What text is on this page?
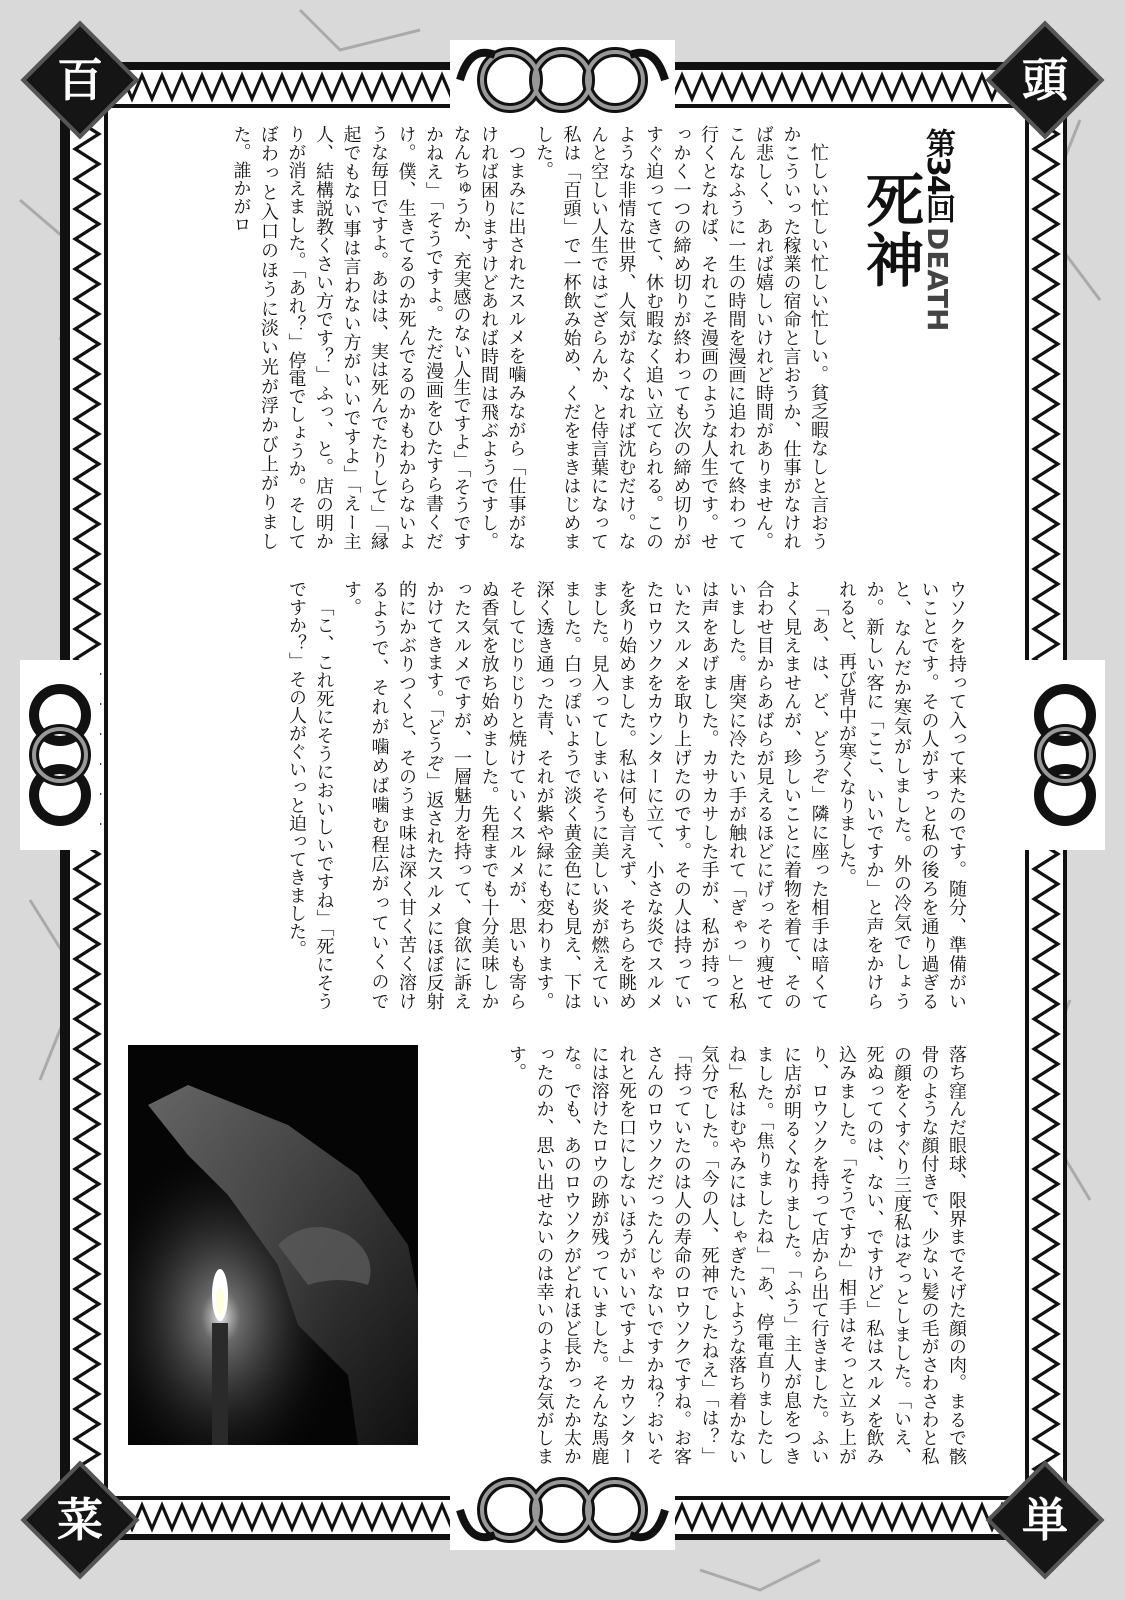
百	頭
菜	単
第34回 DEATH
死神

忙しい忙しい忙しい忙しい。貧乏暇なしと言おうかこういった稼業の宿命と言おうか、仕事がなければ悲しく、あれば嬉しいけれど時間がありません。こんなふうに一生の時間を漫画に追われて終わって行くとなれば、それこそ漫画のような人生です。せっかく一つの締め切りが終わっても次の締め切りがすぐ迫ってきて、休む暇なく追い立てられる。このような非情な世界、人気がなくなれば沈むだけ。なんと空しい人生ではござらんか、と侍言葉になって私は「百頭」で一杯飲み始め、くだをまきはじめました。

つまみに出されたスルメを噛みながら「仕事がなければ困りますけどあれば時間は飛ぶようですし。なんちゅうか、充実感のない人生ですよ」「そうですかねえ」「そうですよ。ただ漫画をひたすら書くだけ。僕、生きてるのか死んでるのかもわからないような毎日ですよ。あはは、実は死んでたりして」「縁起でもない事は言わない方がいいですよ」「えー主人、結構説教くさい方です？」ふっ、と。店の明かりが消えました。「あれ？」停電でしょうか。そしてぼわっと入口のほうに淡い光が浮かび上がりました。誰かがロ

ウソクを持って入って来たのです。随分、準備がいいことです。その人がすっと私の後ろを通り過ぎると、なんだか寒気がしました。外の冷気でしょうか。新しい客に「ここ、いいですか」と声をかけられると、再び背中が寒くなりました。

「あ、は、ど、どうぞ」隣に座った相手は暗くてよく見えませんが、珍しいことに着物を着て、その合わせ目からあばらが見えるほどにげっそり痩せていました。唐突に冷たい手が触れて「ぎゃっ」と私は声をあげました。カサカサした手が、私が持っていたスルメを取り上げたのです。その人は持っていたロウソクをカウンターに立て、小さな炎でスルメを炙り始めました。私は何も言えず、そちらを眺めました。見入ってしまいそうに美しい炎が燃えていました。白っぽいようで淡く黄金色にも見え、下は深く透き通った青、それが紫や緑にも変わります。そしてじりじりと焼けていくスルメが、思いも寄らぬ香気を放ち始めました。先程までも十分美味しかったスルメですが、一層魅力を持って、食欲に訴えかけてきます。「どうぞ」返されたスルメにほぼ反射的にかぶりつくと、そのうま味は深く甘く苦く溶けるようで、それが噛めば噛む程広がっていくのです。

「こ、これ死にそうにおいしいですね」「死にそうですか？」その人がぐいっと迫ってきました。

落ち窪んだ眼球、限界までそげた顔の肉。まるで骸骨のような顔付きで、少ない髪の毛がさわさわと私の顔をくすぐり三度私はぞっとしました。「いえ、死ぬってのは、ない、ですけど」私はスルメを飲み込みました。「そうですか」相手はそっと立ち上がり、ロウソクを持って店から出て行きました。ふいに店が明るくなりました。「ふう」主人が息をつきました。「焦りましたね」「あ、停電直りましたしね」私はむやみにはしゃぎたいような落ち着かない気分でした。「今の人、死神でしたねえ」「は？」「持っていたのは人の寿命のロウソクですね。お客さんのロウソクだったんじゃないですかね？おいそれと死を口にしないほうがいいですよ」カウンターには溶けたロウの跡が残っていました。そんな馬鹿な。でも、あのロウソクがどれほど長かったか太かったのか、思い出せないのは幸いのような気がします。
